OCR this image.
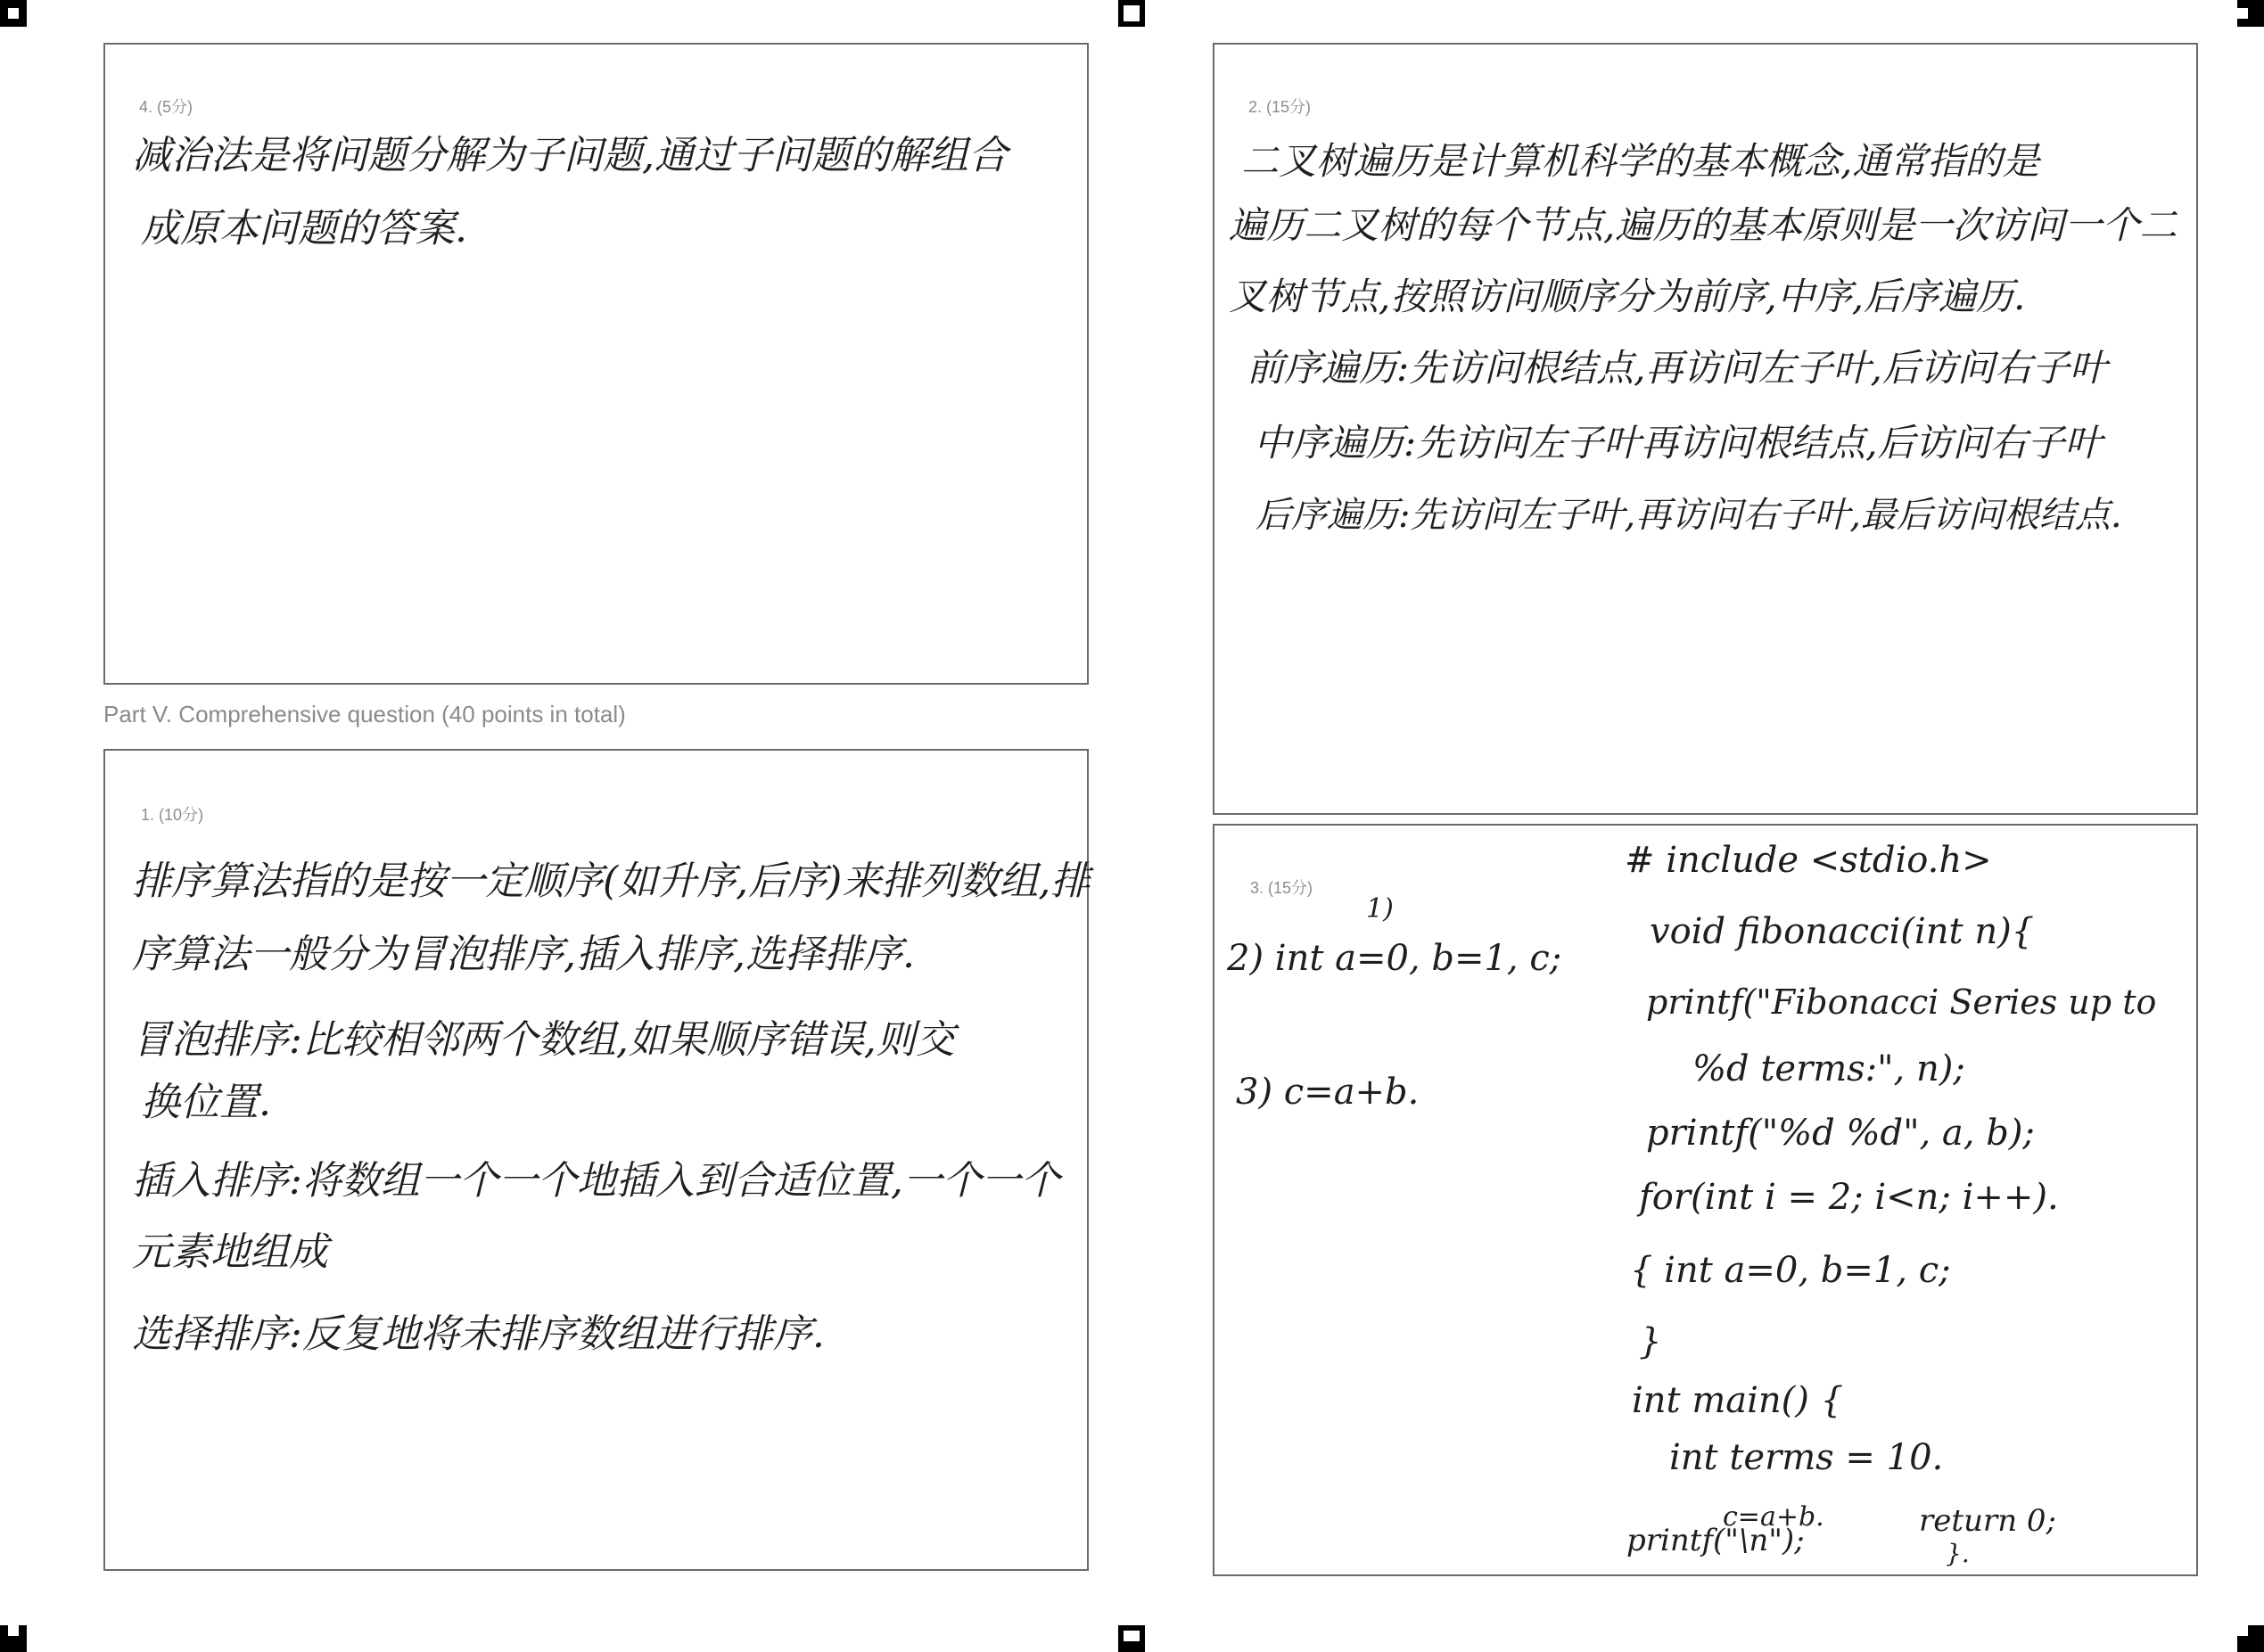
4. (5分)
减治法是将问题分解为子问题,通过子问题的解组合
成原本问题的答案.
Part V. Comprehensive question (40 points in total)
1. (10分)
排序算法指的是按一定顺序(如升序,后序)来排列数组,排
序算法一般分为冒泡排序,插入排序,选择排序.
冒泡排序:比较相邻两个数组,如果顺序错误,则交
换位置.
插入排序:将数组一个一个地插入到合适位置,一个一个
元素地组成
选择排序:反复地将未排序数组进行排序.
2. (15分)
二叉树遍历是计算机科学的基本概念,通常指的是
遍历二叉树的每个节点,遍历的基本原则是一次访问一个二
叉树节点,按照访问顺序分为前序,中序,后序遍历.
前序遍历:先访问根结点,再访问左子叶,后访问右子叶
中序遍历:先访问左子叶再访问根结点,后访问右子叶
后序遍历:先访问左子叶,再访问右子叶,最后访问根结点.
3. (15分)
1)
2) int a=0, b=1, c;
3) c=a+b.
# include <stdio.h>
void fibonacci(int n){
printf("Fibonacci Series up to
%d terms:", n);
printf("%d %d", a, b);
for(int i = 2; i<n; i++).
{ int a=0, b=1, c;
}
int main() {
int terms = 10.
printf("\n");
c=a+b.	return 0;
}.
